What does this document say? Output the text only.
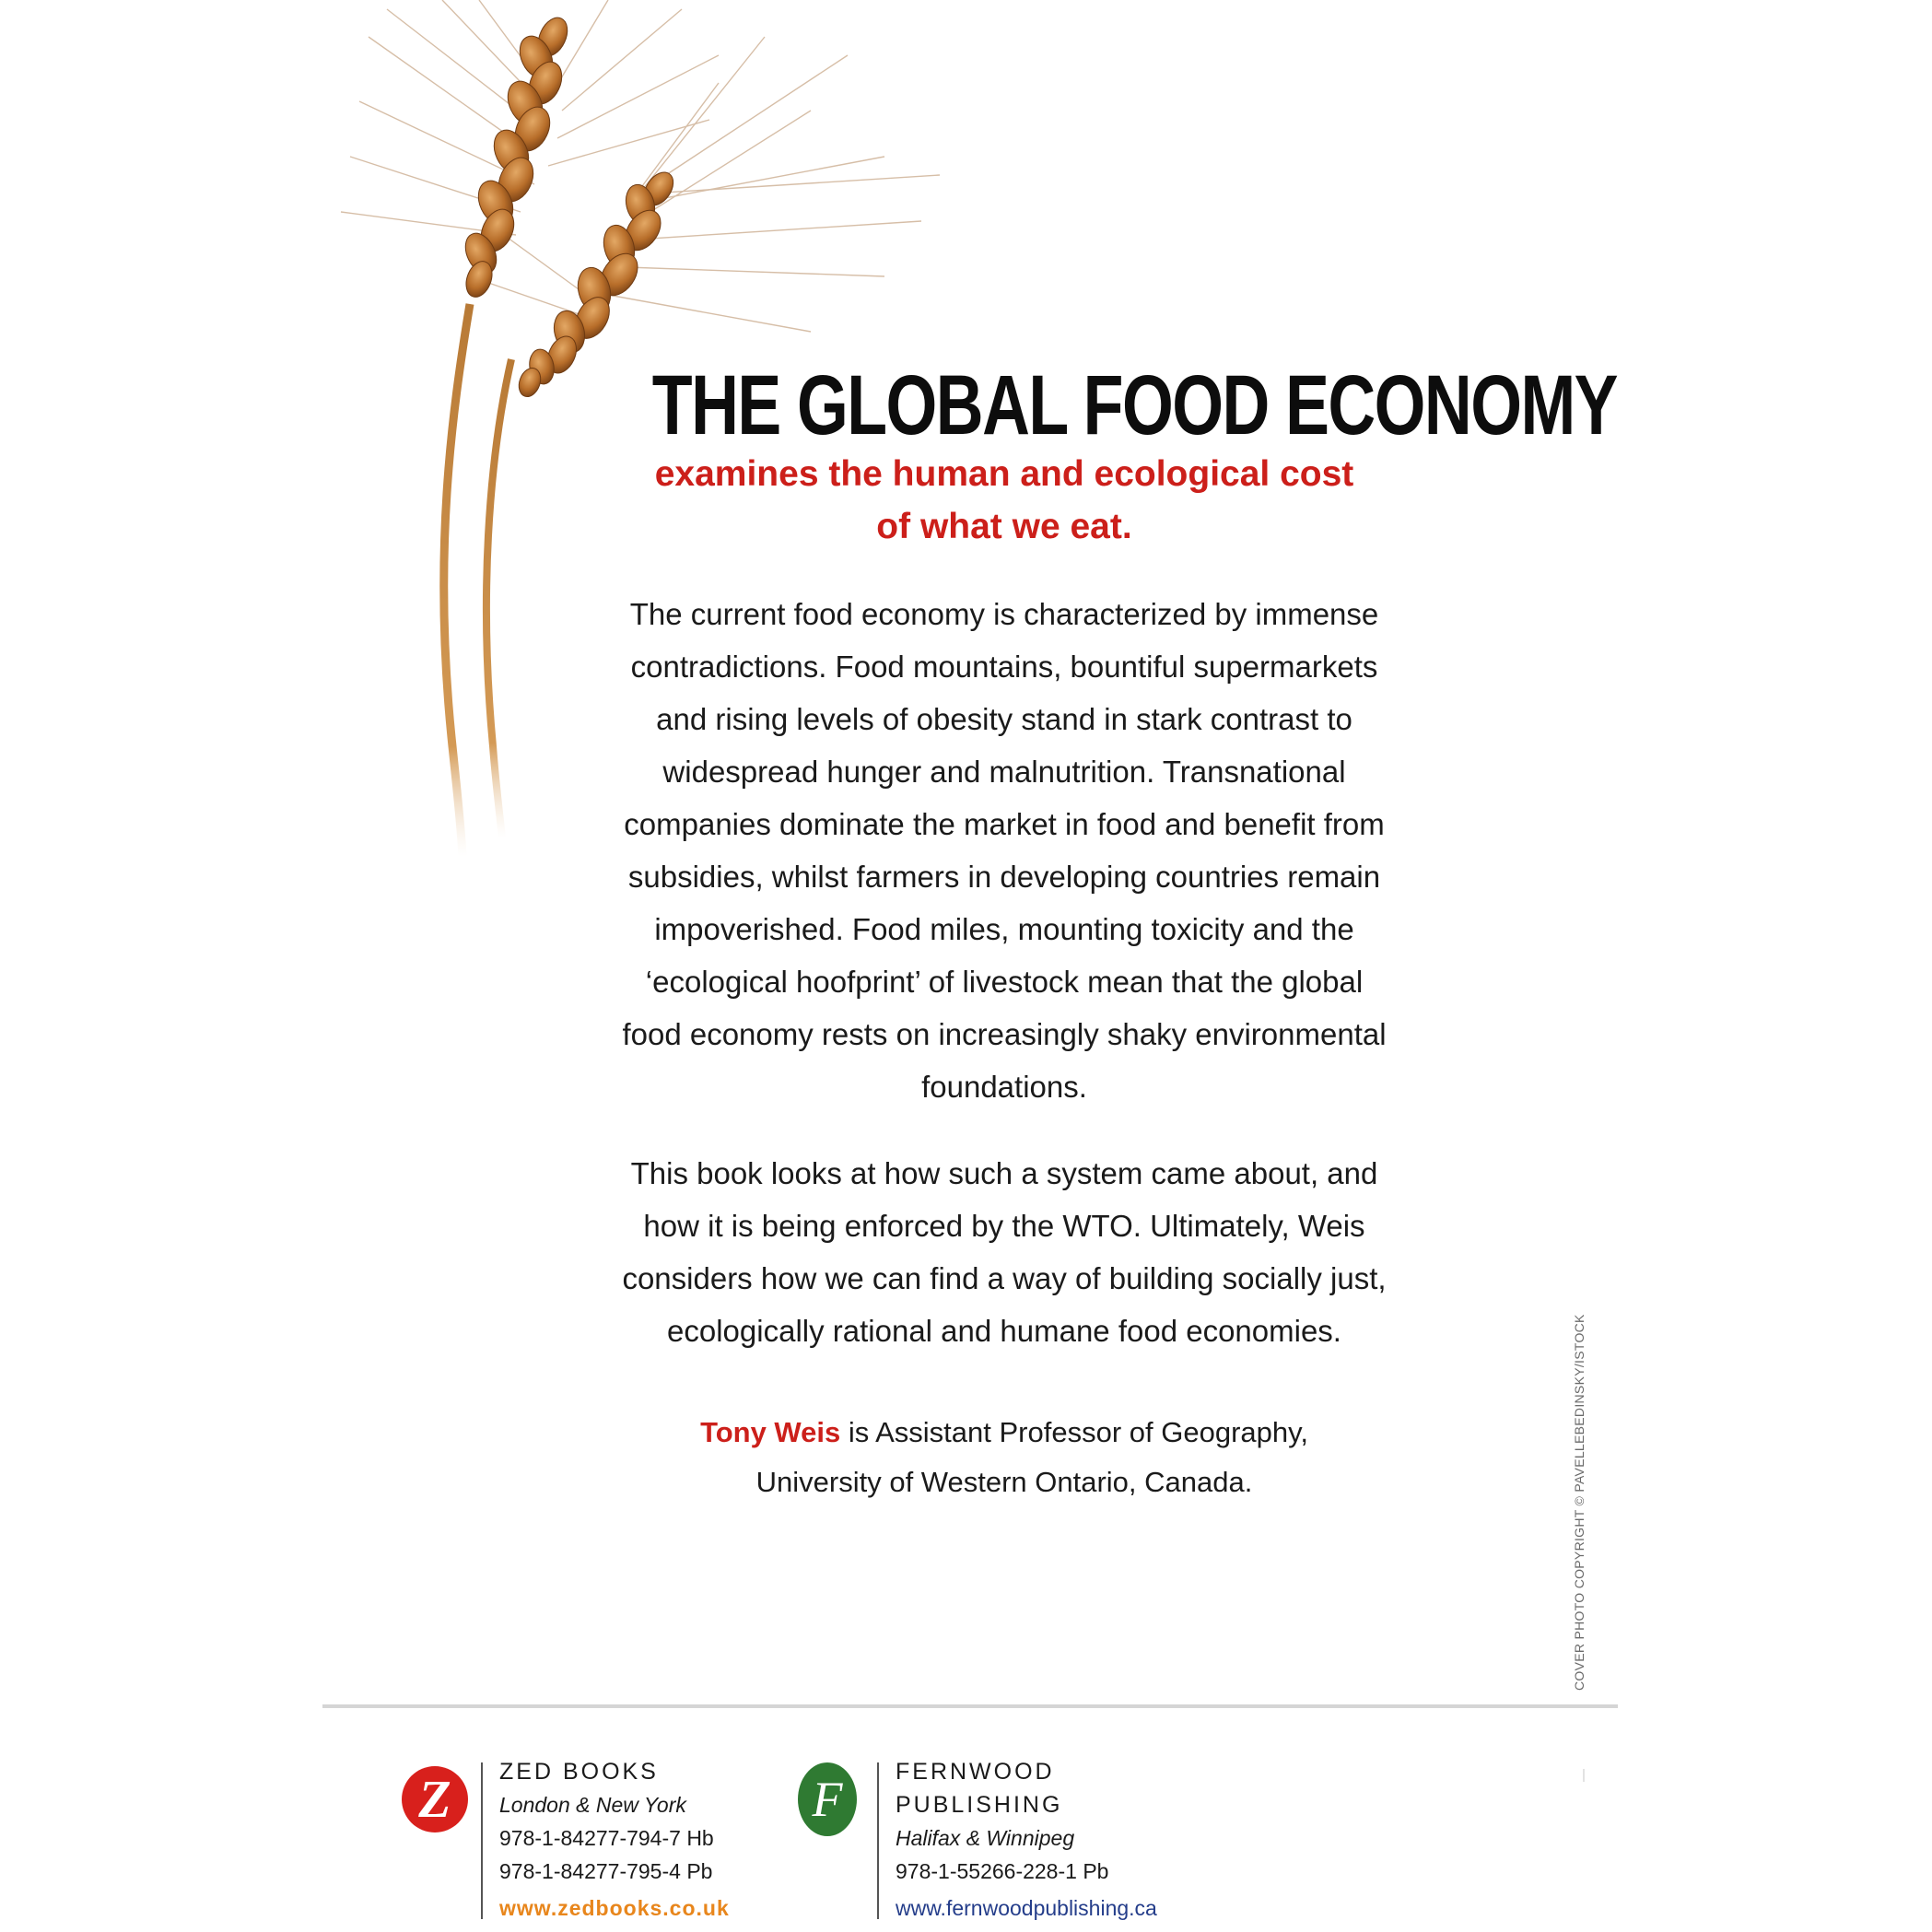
THE GLOBAL FOOD ECONOMY
examines the human and ecological cost
of what we eat.
The current food economy is characterized by immense
contradictions. Food mountains, bountiful supermarkets
and rising levels of obesity stand in stark contrast to
widespread hunger and malnutrition. Transnational
companies dominate the market in food and benefit from
subsidies, whilst farmers in developing countries remain
impoverished. Food miles, mounting toxicity and the
‘ecological hoofprint’ of livestock mean that the global
food economy rests on increasingly shaky environmental
foundations.
This book looks at how such a system came about, and
how it is being enforced by the WTO. Ultimately, Weis
considers how we can find a way of building socially just,
ecologically rational and humane food economies.
Tony Weis is Assistant Professor of Geography,
University of Western Ontario, Canada.	COVER PHOTO COPYRIGHT © PAVELLEBEDINSKY/ISTOCK
Z	ZED BOOKS
London & New York
978-1-84277-794-7 Hb
978-1-84277-795-4 Pb
www.zedbooks.co.uk
F	FERNWOOD
PUBLISHING
Halifax & Winnipeg
978-1-55266-228-1 Pb
www.fernwoodpublishing.ca
